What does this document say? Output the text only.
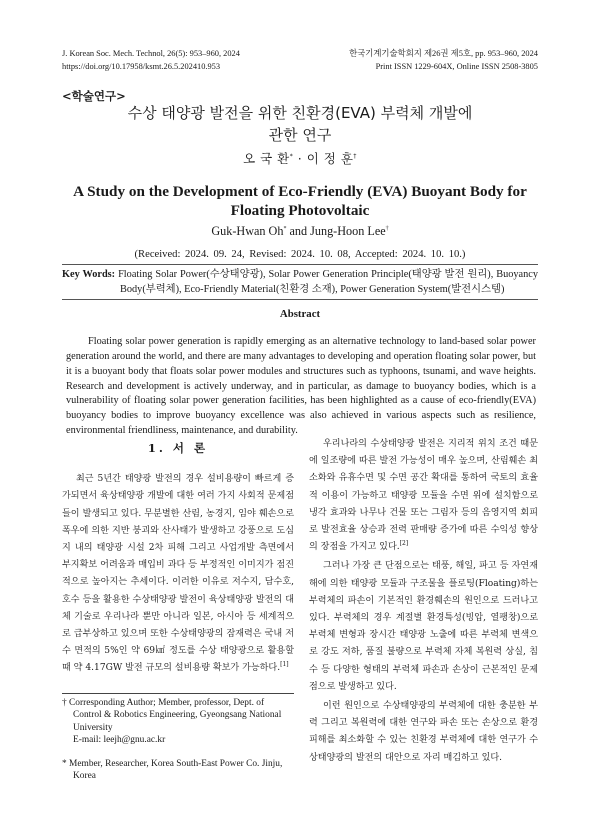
J. Korean Soc. Mech. Technol, 26(5): 953–960, 2024	한국기계기술학회지 제26권 제5호, pp. 953–960, 2024
https://doi.org/10.17958/ksmt.26.5.202410.953	Print ISSN 1229-604X, Online ISSN 2508-3805
<학술연구>
수상 태양광 발전을 위한 친환경(EVA) 부력체 개발에
관한 연구
오 국 환* · 이 정 훈†
A Study on the Development of Eco-Friendly (EVA) Buoyant Body for Floating Photovoltaic
Guk-Hwan Oh* and Jung-Hoon Lee†
(Received: 2024. 09. 24, Revised: 2024. 10. 08, Accepted: 2024. 10. 10.)
Key Words: Floating Solar Power(수상태양광), Solar Power Generation Principle(태양광 발전 원리), Buoyancy Body(부력체), Eco-Friendly Material(친환경 소재), Power Generation System(발전시스템)
Abstract

Floating solar power generation is rapidly emerging as an alternative technology to land-based solar power generation around the world, and there are many advantages to developing and operation floating solar power, but it is a buoyant body that floats solar power modules and structures such as typhoons, tsunami, and wave heights. Research and development is actively underway, and in particular, as damage to buoyancy bodies, which is a vulnerability of floating solar power generation facilities, has been highlighted as a cause of eco-friendly(EVA) buoyancy bodies to improve buoyancy excellence was also achieved in various aspects such as resilience, environmental friendliness, maintenance, and durability.

1. 서 론

최근 5년간 태양광 발전의 경우 설비용량이 빠르게 증가되면서 육상태양광 개발에 대한 여러 가지 사회적 문제점들이 발생되고 있다. 무분별한 산림, 농경지, 임야 훼손으로 폭우에 의한 지반 붕괴와 산사태가 발생하고 강풍으로 도심지 내의 태양광 시설 2차 피해 그리고 사업개발 측면에서 부지확보 어려움과 매입비 과다 등 부정적인 이미지가 점진적으로 높아지는 추세이다. 이러한 이유로 저수지, 담수호, 호수 등을 활용한 수상태양광 발전이 육상태양광 발전의 대체 기술로 우리나라 뿐만 아니라 일본, 아시아 등 세계적으로 급부상하고 있으며 또한 수상태양광의 잠재력은 국내 저수 면적의 5%인 약 69㎢ 정도를 수상 태양광으로 활용할 때 약 4.17GW 발전 규모의 설비용량 확보가 가능하다.[1]

† Corresponding Author; Member, professor, Dept. of Control & Robotics Engineering, Gyeongsang National University

E-mail: leejh@gnu.ac.kr

* Member, Researcher, Korea South-East Power Co. Jinju, Korea

우리나라의 수상태양광 발전은 지리적 위치 조건 때문에 일조량에 따른 발전 가능성이 매우 높으며, 산림훼손 최소화와 유휴수면 및 수면 공간 확대를 통하여 국토의 효율적 이용이 가능하고 태양광 모듈을 수면 위에 설치함으로 냉각 효과와 나무나 건물 또는 그림자 등의 음영지역 회피로 발전효율 상승과 전력 판매량 증가에 따른 수익성 향상의 장점을 가지고 있다.[2]

그러나 가장 큰 단점으로는 태풍, 해일, 파고 등 자연재해에 의한 태양광 모듈과 구조물을 플로팅(Floating)하는 부력체의 파손이 기본적인 환경훼손의 원인으로 드러나고 있다. 부력체의 경우 계절별 환경특성(빙압, 열팽창)으로 부력체 변형과 장시간 태양광 노출에 따른 부력체 변색으로 강도 저하, 품질 불량으로 부력체 자체 복원력 상실, 침수 등 다양한 형태의 부력체 파손과 손상이 근본적인 문제점으로 발생하고 있다.

이런 원인으로 수상태양광의 부력체에 대한 충분한 부력 그리고 복원력에 대한 연구와 파손 또는 손상으로 환경피해를 최소화할 수 있는 친환경 부력체에 대한 연구가 수상태양광의 발전의 대안으로 자리 매김하고 있다.
